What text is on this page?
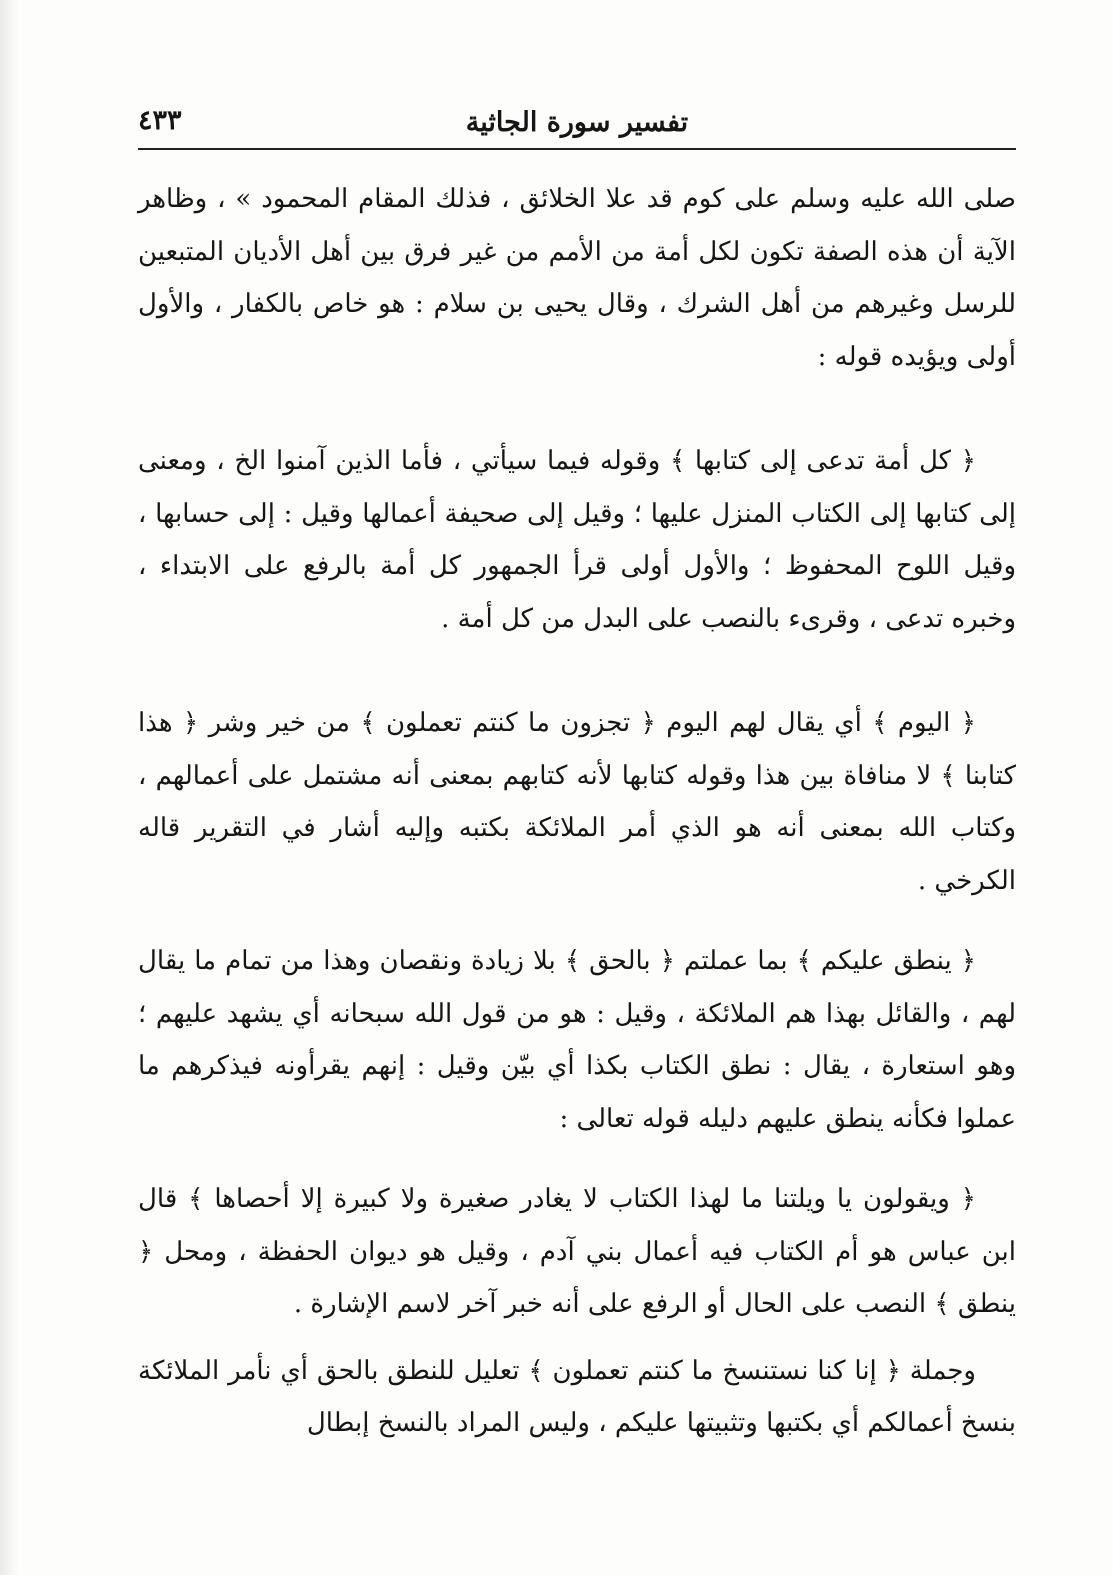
تفسير سورة الجاثية
٤٣٣

صلى الله عليه وسلم على كوم قد علا الخلائق ، فذلك المقام المحمود » ، وظاهر الآية أن هذه الصفة تكون لكل أمة من الأمم من غير فرق بين أهل الأديان المتبعين للرسل وغيرهم من أهل الشرك ، وقال يحيى بن سلام : هو خاص بالكفار ، والأول أولى ويؤيده قوله :

﴿ كل أمة تدعى إلى كتابها ﴾ وقوله فيما سيأتي ، فأما الذين آمنوا الخ ، ومعنى إلى كتابها إلى الكتاب المنزل عليها ؛ وقيل إلى صحيفة أعمالها وقيل : إلى حسابها ، وقيل اللوح المحفوظ ؛ والأول أولى قرأ الجمهور كل أمة بالرفع على الابتداء ، وخبره تدعى ، وقرىء بالنصب على البدل من كل أمة .

﴿ اليوم ﴾ أي يقال لهم اليوم ﴿ تجزون ما كنتم تعملون ﴾ من خير وشر ﴿ هذا كتابنا ﴾ لا منافاة بين هذا وقوله كتابها لأنه كتابهم بمعنى أنه مشتمل على أعمالهم ، وكتاب الله بمعنى أنه هو الذي أمر الملائكة بكتبه وإليه أشار في التقرير قاله الكرخي .

﴿ ينطق عليكم ﴾ بما عملتم ﴿ بالحق ﴾ بلا زيادة ونقصان وهذا من تمام ما يقال لهم ، والقائل بهذا هم الملائكة ، وقيل : هو من قول الله سبحانه أي يشهد عليهم ؛ وهو استعارة ، يقال : نطق الكتاب بكذا أي بيّن وقيل : إنهم يقرأونه فيذكرهم ما عملوا فكأنه ينطق عليهم دليله قوله تعالى :

﴿ ويقولون يا ويلتنا ما لهذا الكتاب لا يغادر صغيرة ولا كبيرة إلا أحصاها ﴾ قال ابن عباس هو أم الكتاب فيه أعمال بني آدم ، وقيل هو ديوان الحفظة ، ومحل ﴿ ينطق ﴾ النصب على الحال أو الرفع على أنه خبر آخر لاسم الإشارة .

وجملة ﴿ إنا كنا نستنسخ ما كنتم تعملون ﴾ تعليل للنطق بالحق أي نأمر الملائكة بنسخ أعمالكم أي بكتبها وتثبيتها عليكم ، وليس المراد بالنسخ إبطال
